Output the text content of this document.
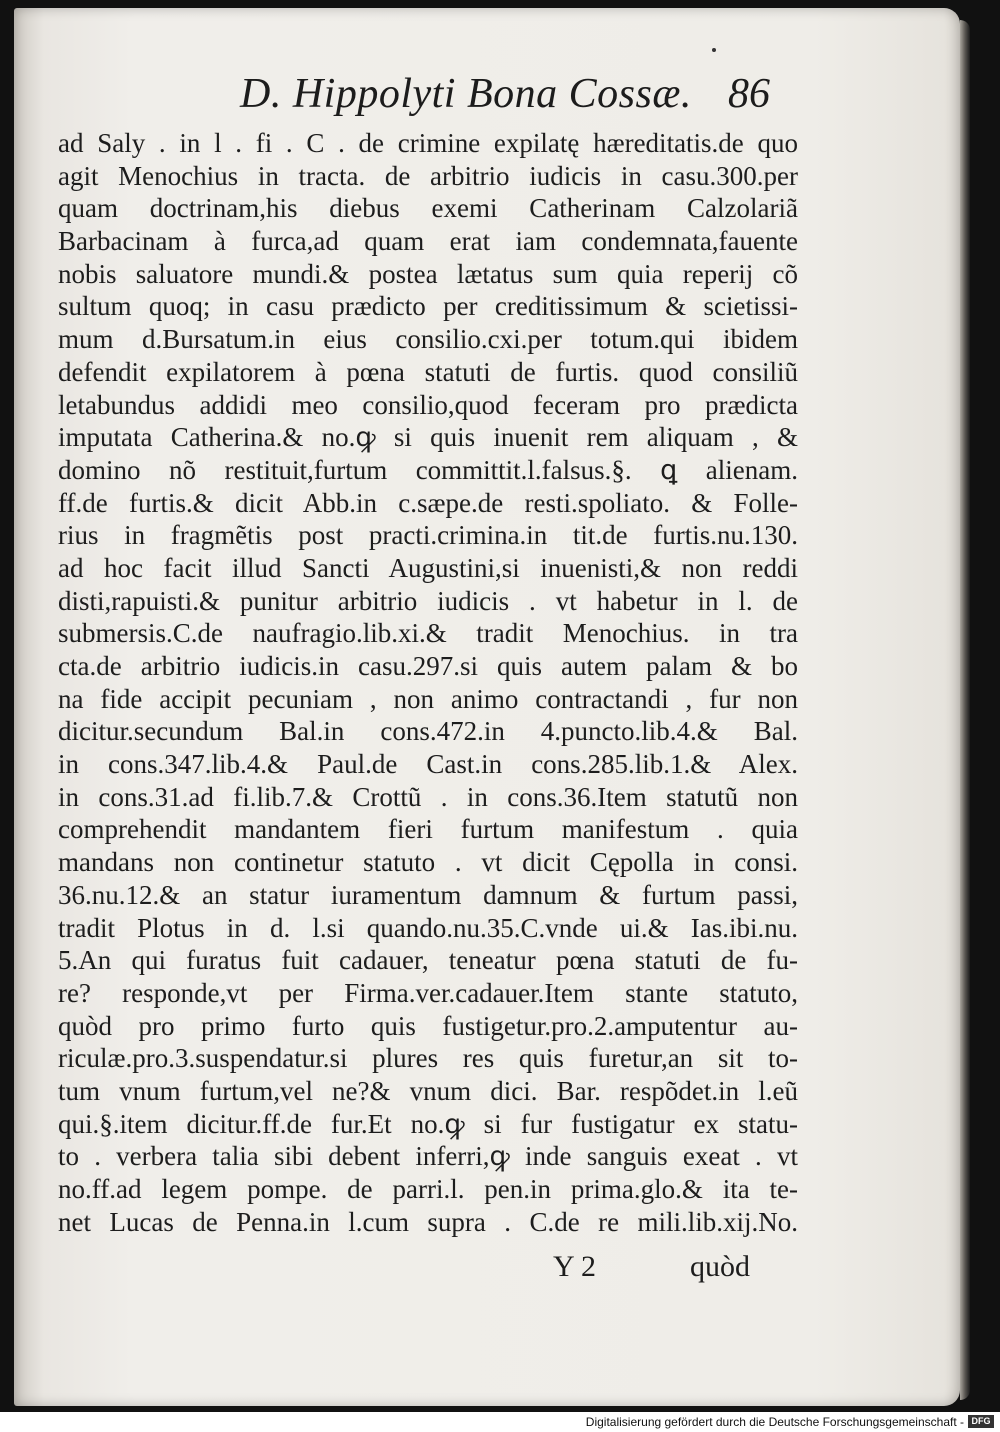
D. Hippolyti Bona Cossæ. 86
ad Saly . in l . fi . C . de crimine expilatę hæreditatis.de quo
agit Menochius in tracta. de arbitrio iudicis in casu.300.per
quam doctrinam,his diebus exemi Catherinam Calzolariã
Barbacinam à furca,ad quam erat iam condemnata,fauente
nobis saluatore mundi.& postea lætatus sum quia reperij cõ
sultum quoq; in casu prædicto per creditissimum & scietissi-
mum d.Bursatum.in eius consilio.cxi.per totum.qui ibidem
defendit expilatorem à pœna statuti de furtis. quod consiliũ
letabundus addidi meo consilio,quod feceram pro prædicta
imputata Catherina.& no.ꝙ si quis inuenit rem aliquam , &
domino nõ restituit,furtum committit.l.falsus.§. ꝗ alienam.
ff.de furtis.& dicit Abb.in c.sæpe.de resti.spoliato. & Folle-
rius in fragmẽtis post practi.crimina.in tit.de furtis.nu.130.
ad hoc facit illud Sancti Augustini,si inuenisti,& non reddi
disti,rapuisti.& punitur arbitrio iudicis . vt habetur in l. de
submersis.C.de naufragio.lib.xi.& tradit Menochius. in tra
cta.de arbitrio iudicis.in casu.297.si quis autem palam & bo
na fide accipit pecuniam , non animo contractandi , fur non
dicitur.secundum Bal.in cons.472.in 4.puncto.lib.4.& Bal.
in cons.347.lib.4.& Paul.de Cast.in cons.285.lib.1.& Alex.
in cons.31.ad fi.lib.7.& Crottũ . in cons.36.Item statutũ non
comprehendit mandantem fieri furtum manifestum . quia
mandans non continetur statuto . vt dicit Cępolla in consi.
36.nu.12.& an statur iuramentum damnum & furtum passi,
tradit Plotus in d. l.si quando.nu.35.C.vnde ui.& Ias.ibi.nu.
5.An qui furatus fuit cadauer, teneatur pœna statuti de fu-
re? responde,vt per Firma.ver.cadauer.Item stante statuto,
quòd pro primo furto quis fustigetur.pro.2.amputentur au-
riculæ.pro.3.suspendatur.si plures res quis furetur,an sit to-
tum vnum furtum,vel ne?& vnum dici. Bar. respõdet.in l.eũ
qui.§.item dicitur.ff.de fur.Et no.ꝙ si fur fustigatur ex statu-
to . verbera talia sibi debent inferri,ꝙ inde sanguis exeat . vt
no.ff.ad legem pompe. de parri.l. pen.in prima.glo.& ita te-
net Lucas de Penna.in l.cum supra . C.de re mili.lib.xij.No.
Y 2	quòd
Digitalisierung gefördert durch die Deutsche Forschungsgemeinschaft - DFG
